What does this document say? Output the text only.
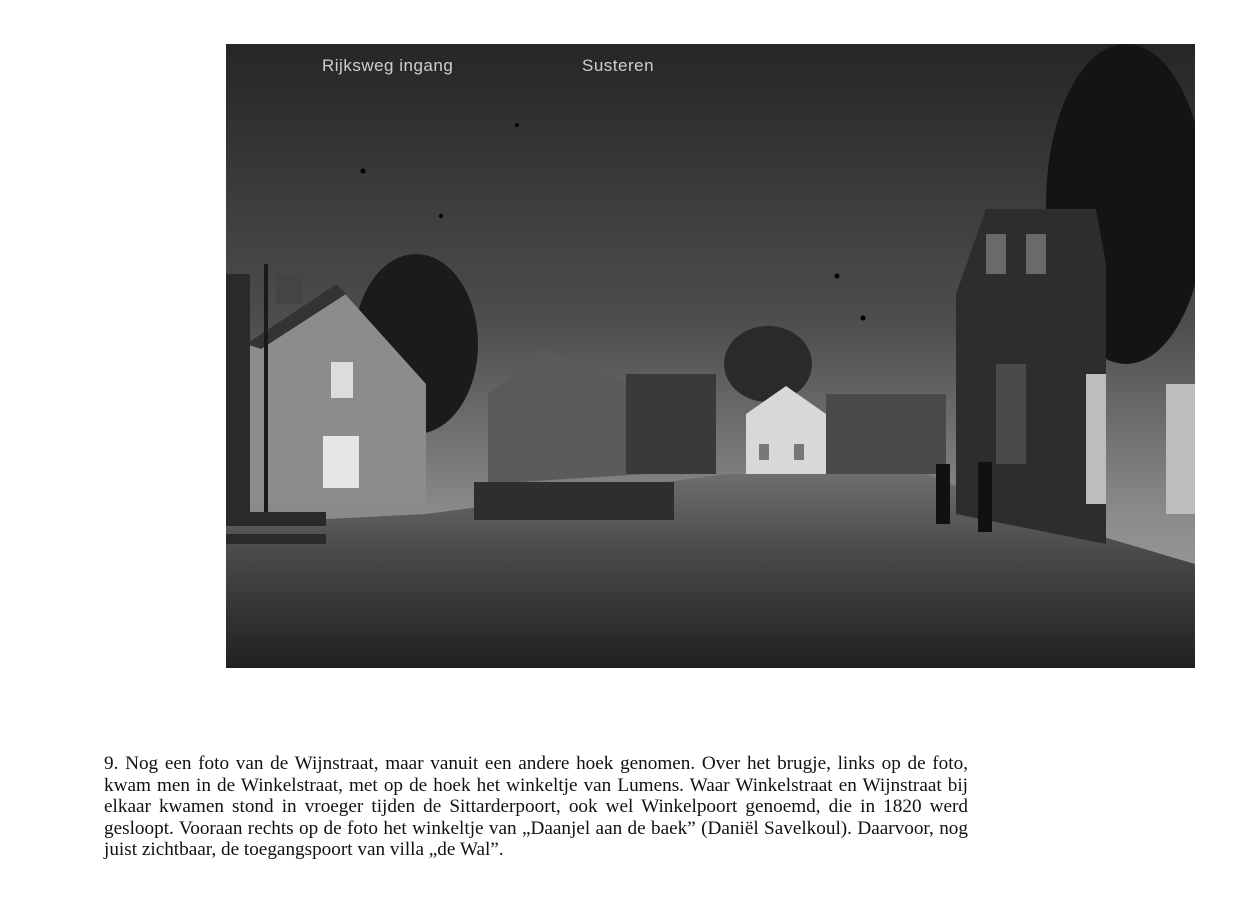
Rijksweg ingang	Susteren

9. Nog een foto van de Wijnstraat, maar vanuit een andere hoek genomen. Over het brugje, links op de foto, kwam men in de Winkelstraat, met op de hoek het winkeltje van Lumens. Waar Winkelstraat en Wijnstraat bij elkaar kwamen stond in vroeger tijden de Sittarderpoort, ook wel Winkelpoort genoemd, die in 1820 werd gesloopt. Vooraan rechts op de foto het winkeltje van „Daanjel aan de baek” (Daniël Savelkoul). Daarvoor, nog juist zichtbaar, de toegangspoort van villa „de Wal”.
